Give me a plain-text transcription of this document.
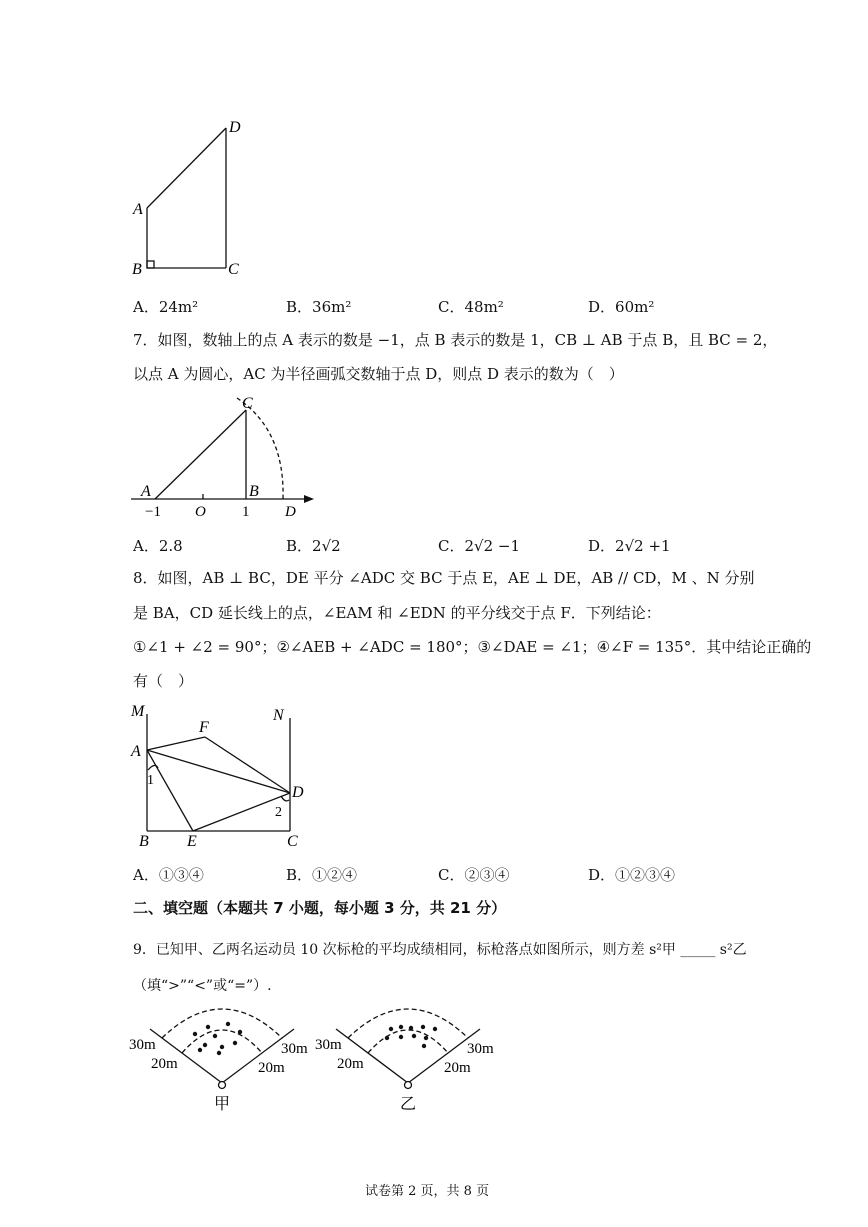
D
A
B	C
A．24m²	B．36m²	C．48m²	D．60m²
7．如图，数轴上的点 A 表示的数是 −1，点 B 表示的数是 1，CB ⊥ AB 于点 B，且 BC = 2，
以点 A 为圆心，AC 为半径画弧交数轴于点 D，则点 D 表示的数为（　）
C
A	B
−1 O 1 D
A．2.8	B．2√2	C．2√2 −1	D．2√2 +1
8．如图，AB ⊥ BC，DE 平分 ∠ADC 交 BC 于点 E，AE ⊥ DE，AB // CD，M 、N 分别
是 BA，CD 延长线上的点，∠EAM 和 ∠EDN 的平分线交于点 F．下列结论：
①∠1 + ∠2 = 90°；②∠AEB + ∠ADC = 180°；③∠DAE = ∠1；④∠F = 135°．其中结论正确的
有（　）
M	N
F
A
1
D
2
B E	C
A．①③④	B．①②④	C．②③④	D．①②③④
二、填空题（本题共 7 小题，每小题 3 分，共 21 分）
9．已知甲、乙两名运动员 10 次标枪的平均成绩相同，标枪落点如图所示，则方差 s²甲 _____ s²乙
（填“>”“<”或“=”）.
30m
20m
30m
20m
30m
20m
30m
20m
甲	乙
试卷第 2 页，共 8 页
